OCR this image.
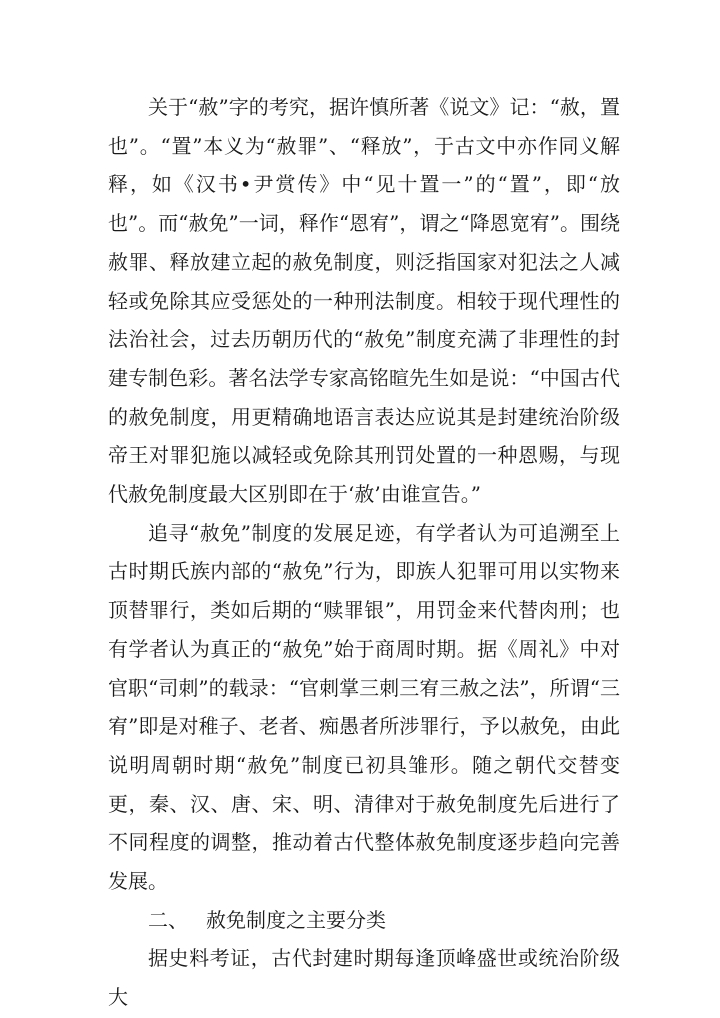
关于“赦”字的考究，据许慎所著《说文》记：“赦，置也”。“置”本义为“赦罪”、“释放”，于古文中亦作同义解释，如《汉书•尹赏传》中“见十置一”的“置”，即“放也”。而“赦免”一词，释作“恩宥”，谓之“降恩宽宥”。围绕赦罪、释放建立起的赦免制度，则泛指国家对犯法之人减轻或免除其应受惩处的一种刑法制度。相较于现代理性的法治社会，过去历朝历代的“赦免”制度充满了非理性的封建专制色彩。著名法学专家高铭暄先生如是说：“中国古代的赦免制度，用更精确地语言表达应说其是封建统治阶级帝王对罪犯施以减轻或免除其刑罚处置的一种恩赐，与现代赦免制度最大区别即在于‘赦’由谁宣告。”

追寻“赦免”制度的发展足迹，有学者认为可追溯至上古时期氏族内部的“赦免”行为，即族人犯罪可用以实物来顶替罪行，类如后期的“赎罪银”，用罚金来代替肉刑；也有学者认为真正的“赦免”始于商周时期。据《周礼》中对官职“司刺”的载录：“官刺掌三刺三宥三赦之法”，所谓“三宥”即是对稚子、老者、痴愚者所涉罪行，予以赦免，由此说明周朝时期“赦免”制度已初具雏形。随之朝代交替变更，秦、汉、唐、宋、明、清律对于赦免制度先后进行了不同程度的调整，推动着古代整体赦免制度逐步趋向完善发展。

二、 赦免制度之主要分类

据史料考证，古代封建时期每逢顶峰盛世或统治阶级大
